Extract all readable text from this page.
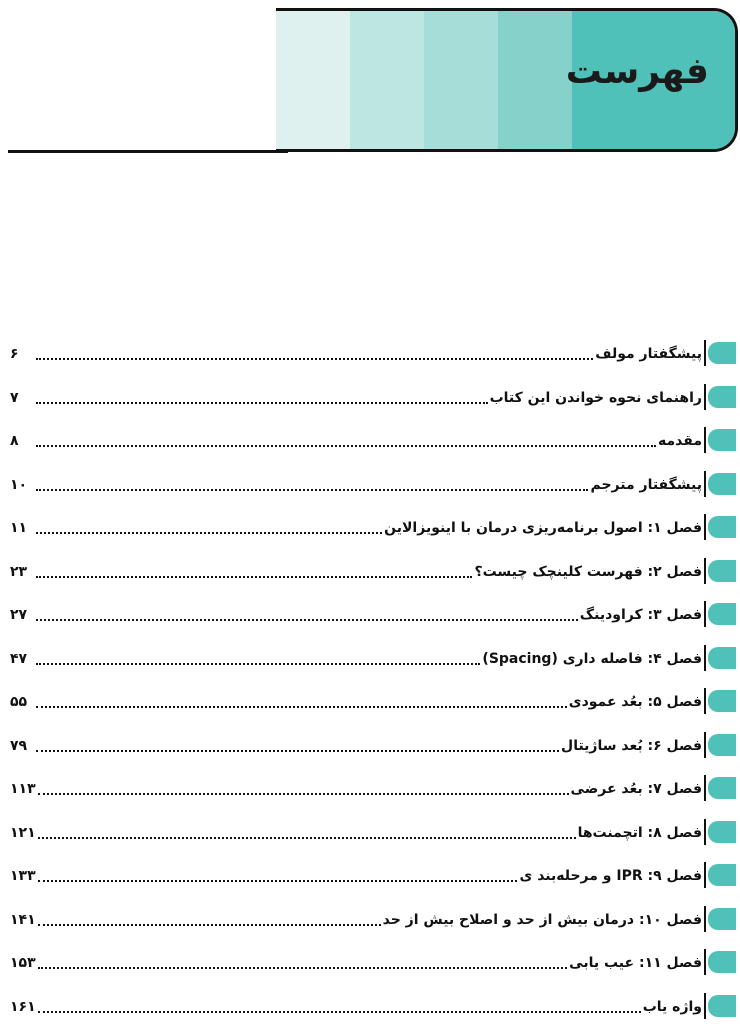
فهرست
پیشگفتار مولف
۶
راهنمای نحوه خواندن این کتاب
۷
مقدمه
۸
پیشگفتار مترجم
۱۰
فصل ۱: اصول برنامه‌ریزی درمان با اینویزالاین
۱۱
فصل ۲: فهرست کلینچک چیست؟
۲۳
فصل ۳: کراودینگ
۲۷
فصل ۴: فاصله داری (Spacing)
۴۷
فصل ۵: بعُد عمودی
۵۵
فصل ۶: بُعد ساژیتال
۷۹
فصل ۷: بعُد عرضی
۱۱۳
فصل ۸: اتچمنت‌ها
۱۲۱
فصل ۹: IPR و مرحله‌بند ی
۱۳۳
فصل ۱۰: درمان بیش از حد و اصلاح بیش از حد
۱۴۱
فصل ۱۱: عیب یابی
۱۵۳
واژه یاب
۱۶۱
